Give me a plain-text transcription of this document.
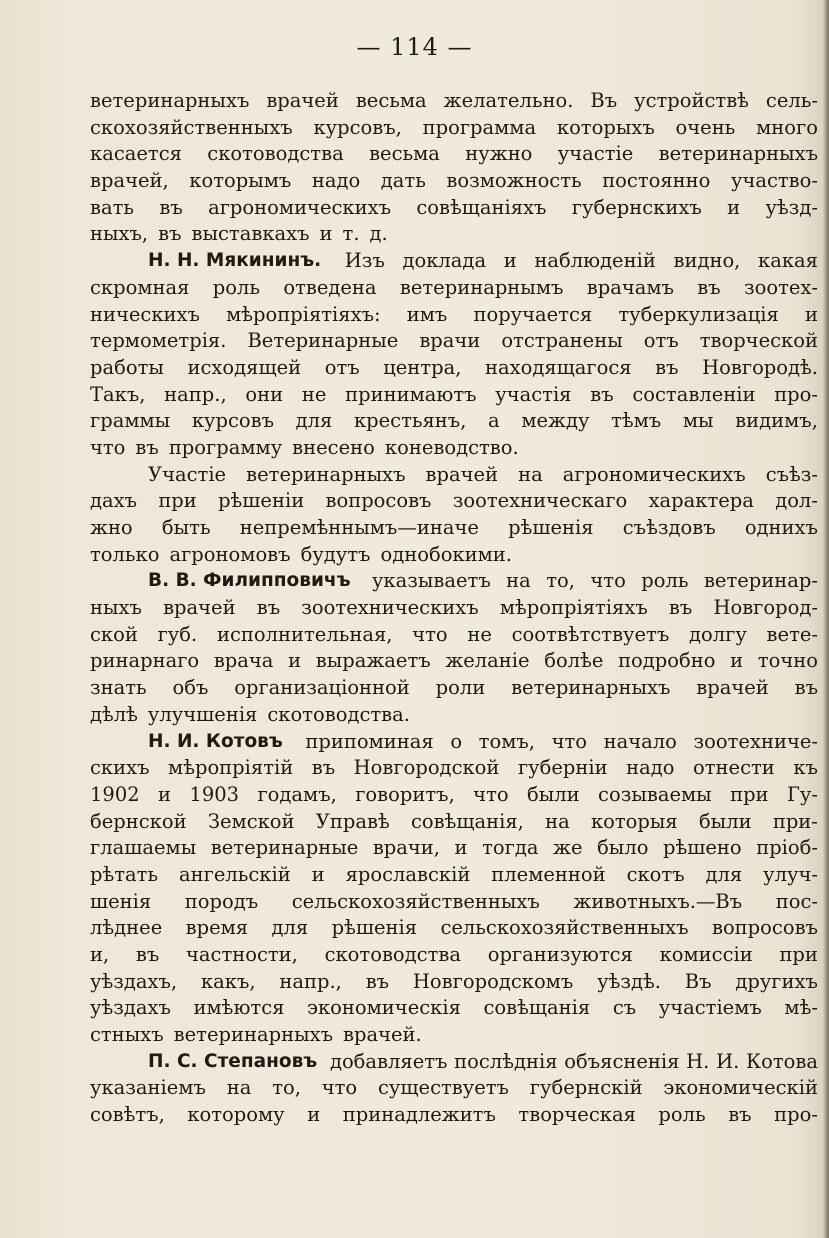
— 114 —
ветеринарныхъ врачей весьма желательно. Въ устройствѣ сель-
скохозяйственныхъ курсовъ, программа которыхъ очень много
касается скотоводства весьма нужно участіе ветеринарныхъ
врачей, которымъ надо дать возможность постоянно участво-
вать въ агрономическихъ совѣщаніяхъ губернскихъ и уѣзд-
ныхъ, въ выставкахъ и т. д.
Н. Н. Мякининъ. Изъ доклада и наблюденій видно, какая
скромная роль отведена ветеринарнымъ врачамъ въ зоотех-
ническихъ мѣропріятіяхъ: имъ поручается туберкулизація и
термометрія. Ветеринарные врачи отстранены отъ творческой
работы исходящей отъ центра, находящагося въ Новгородѣ.
Такъ, напр., они не принимаютъ участія въ составленіи про-
граммы курсовъ для крестьянъ, а между тѣмъ мы видимъ,
что въ программу внесено коневодство.
Участіе ветеринарныхъ врачей на агрономическихъ съѣз-
дахъ при рѣшеніи вопросовъ зоотехническаго характера дол-
жно быть непремѣннымъ—иначе рѣшенія съѣздовъ однихъ
только агрономовъ будутъ однобокими.
В. В. Филипповичъ указываетъ на то, что роль ветеринар-
ныхъ врачей въ зоотехническихъ мѣропріятіяхъ въ Новгород-
ской губ. исполнительная, что не соотвѣтствуетъ долгу вете-
ринарнаго врача и выражаетъ желаніе болѣе подробно и точно
знать объ организаціонной роли ветеринарныхъ врачей въ
дѣлѣ улучшенія скотоводства.
Н. И. Котовъ припоминая о томъ, что начало зоотехниче-
скихъ мѣропріятій въ Новгородской губерніи надо отнести къ
1902 и 1903 годамъ, говоритъ, что были созываемы при Гу-
бернской Земской Управѣ совѣщанія, на которыя были при-
глашаемы ветеринарные врачи, и тогда же было рѣшено пріоб-
рѣтать ангельскій и ярославскій племенной скотъ для улуч-
шенія породъ сельскохозяйственныхъ животныхъ.—Въ пос-
лѣднее время для рѣшенія сельскохозяйственныхъ вопросовъ
и, въ частности, скотоводства организуются комиссіи при
уѣздахъ, какъ, напр., въ Новгородскомъ уѣздѣ. Въ другихъ
уѣздахъ имѣются экономическія совѣщанія съ участіемъ мѣ-
стныхъ ветеринарныхъ врачей.
П. С. Степановъ добавляетъ послѣднія объясненія Н. И. Котова
указаніемъ на то, что существуетъ губернскій экономическій
совѣтъ, которому и принадлежитъ творческая роль въ про-
